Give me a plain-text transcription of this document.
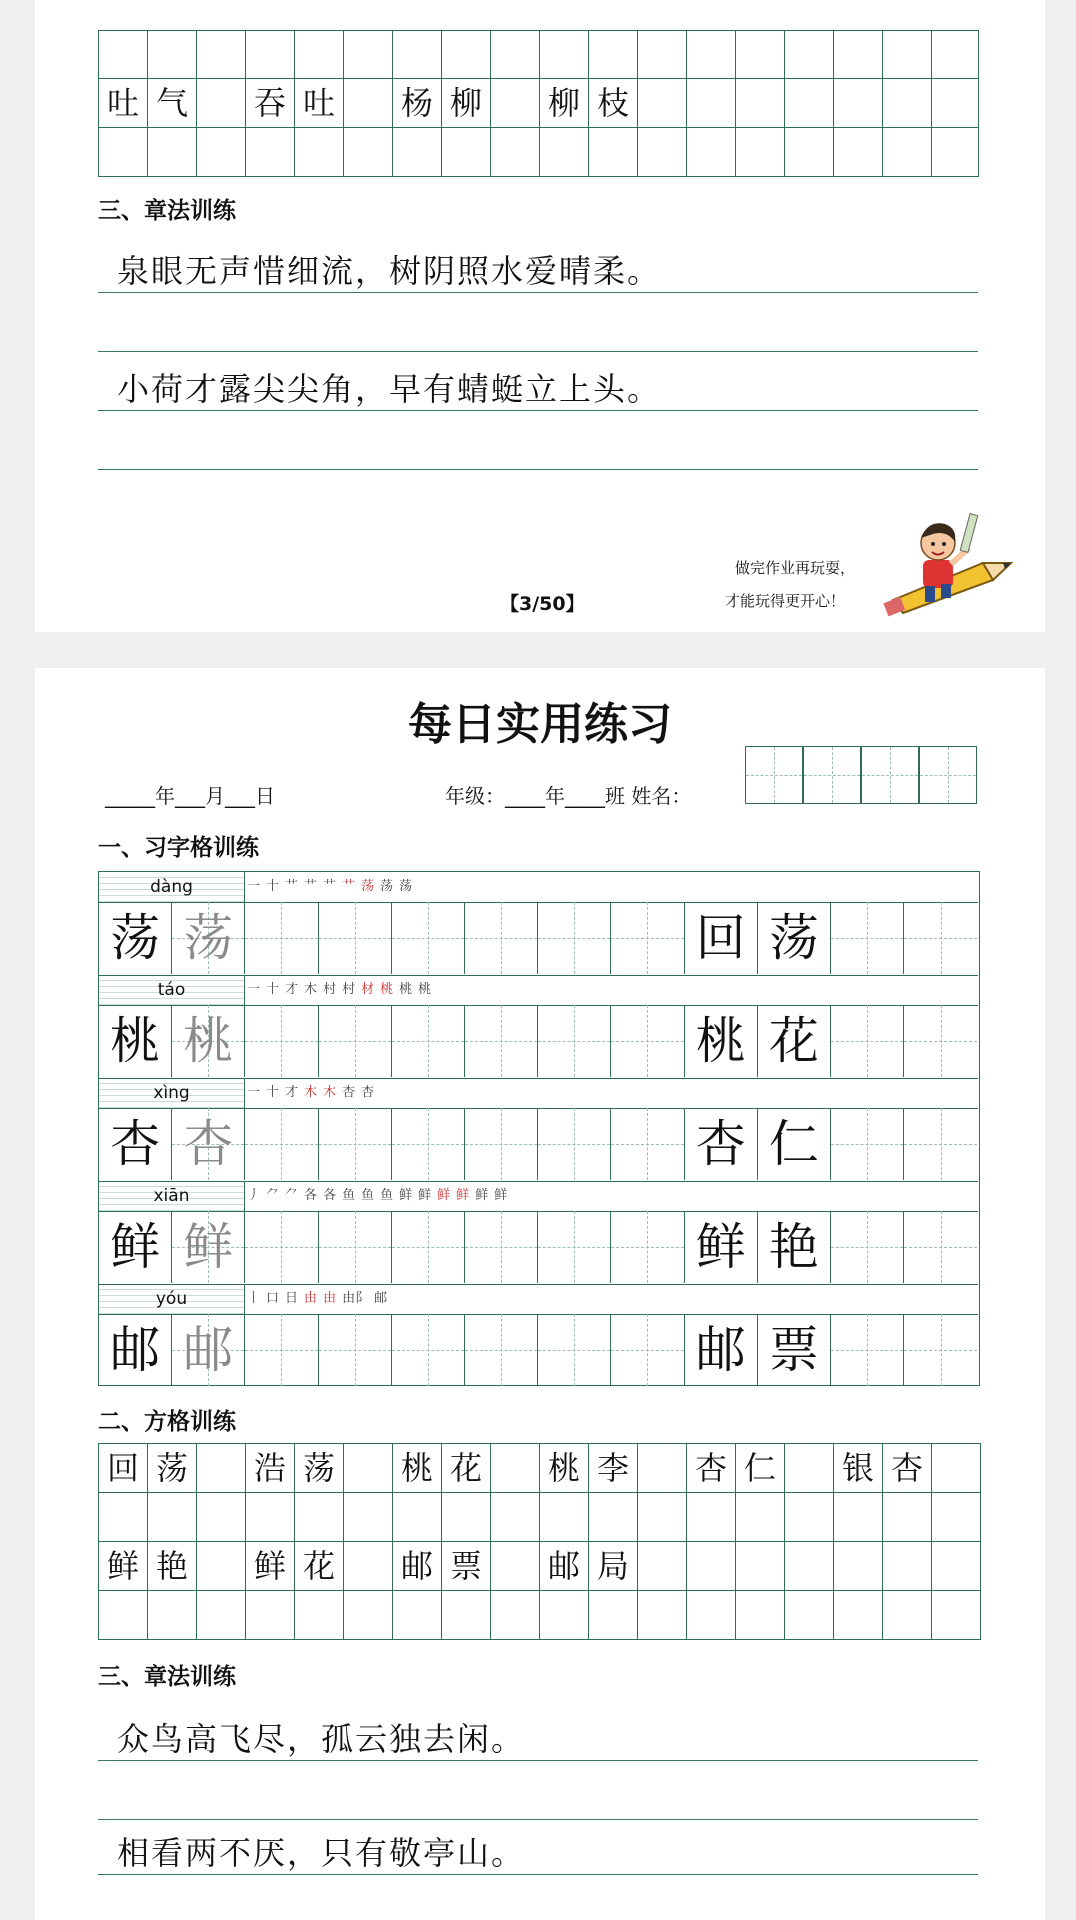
吐	气		吞	吐		杨	柳		柳	枝							

三、章法训练
泉眼无声惜细流，树阴照水爱晴柔。
小荷才露尖尖角，早有蜻蜓立上头。
【3/50】
做完作业再玩耍，
才能玩得更开心！
每日实用练习
_____年___月___日	年级：____年____班 姓名：
一、习字格训练
dàng	一 十 艹 艹 艹 艹 荡 荡 荡
荡 荡	回 荡
táo	一 十 才 木 村 村 材 桃 桃 桃
桃 桃	桃 花
xìng	一 十 才 木 木 杏 杏
杏 杏	杏 仁
xiān	丿 ⺈ ⺈ 各 各 鱼 鱼 鱼 鲜 鲜 鲜 鲜 鲜 鲜
鲜 鲜	鲜 艳
yóu	丨 口 日 由 由 由阝 邮
邮 邮	邮 票
二、方格训练
回	荡		浩	荡		桃	花		桃	李		杏	仁		银	杏	

鲜	艳		鲜	花		邮	票		邮	局							

三、章法训练
众鸟高飞尽，孤云独去闲。
相看两不厌，只有敬亭山。
